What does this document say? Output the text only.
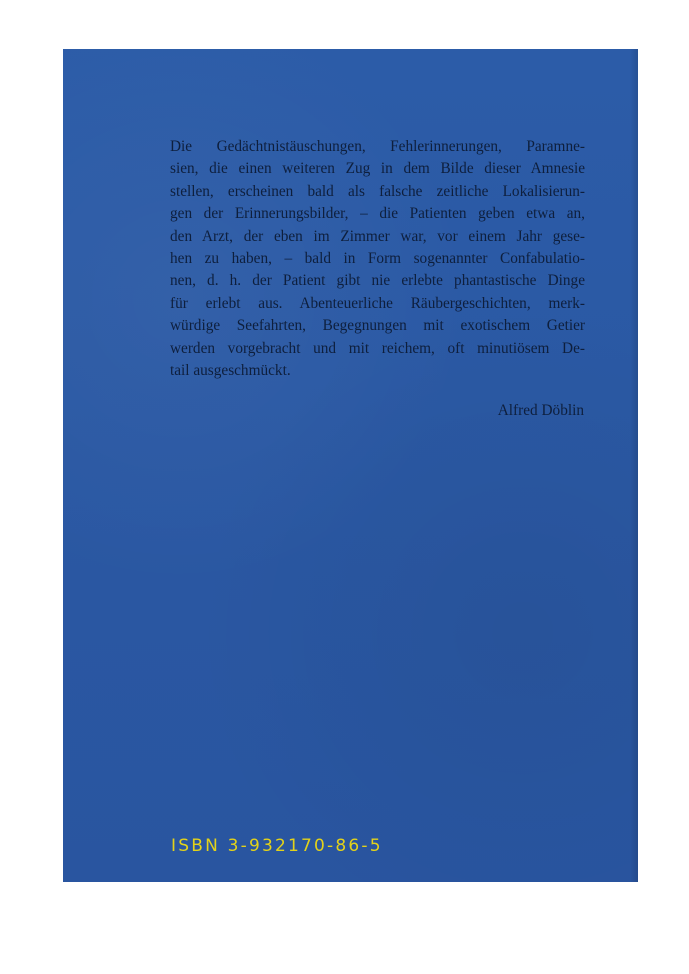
Die Gedächtnistäuschungen, Fehlerinnerungen, Paramne-
sien, die einen weiteren Zug in dem Bilde dieser Amnesie
stellen, erscheinen bald als falsche zeitliche Lokalisierun-
gen der Erinnerungsbilder, – die Patienten geben etwa an,
den Arzt, der eben im Zimmer war, vor einem Jahr gese-
hen zu haben, – bald in Form sogenannter Confabulatio-
nen, d. h. der Patient gibt nie erlebte phantastische Dinge
für erlebt aus. Abenteuerliche Räubergeschichten, merk-
würdige Seefahrten, Begegnungen mit exotischem Getier
werden vorgebracht und mit reichem, oft minutiösem De-
tail ausgeschmückt.

Alfred Döblin

ISBN 3-932170-86-5
